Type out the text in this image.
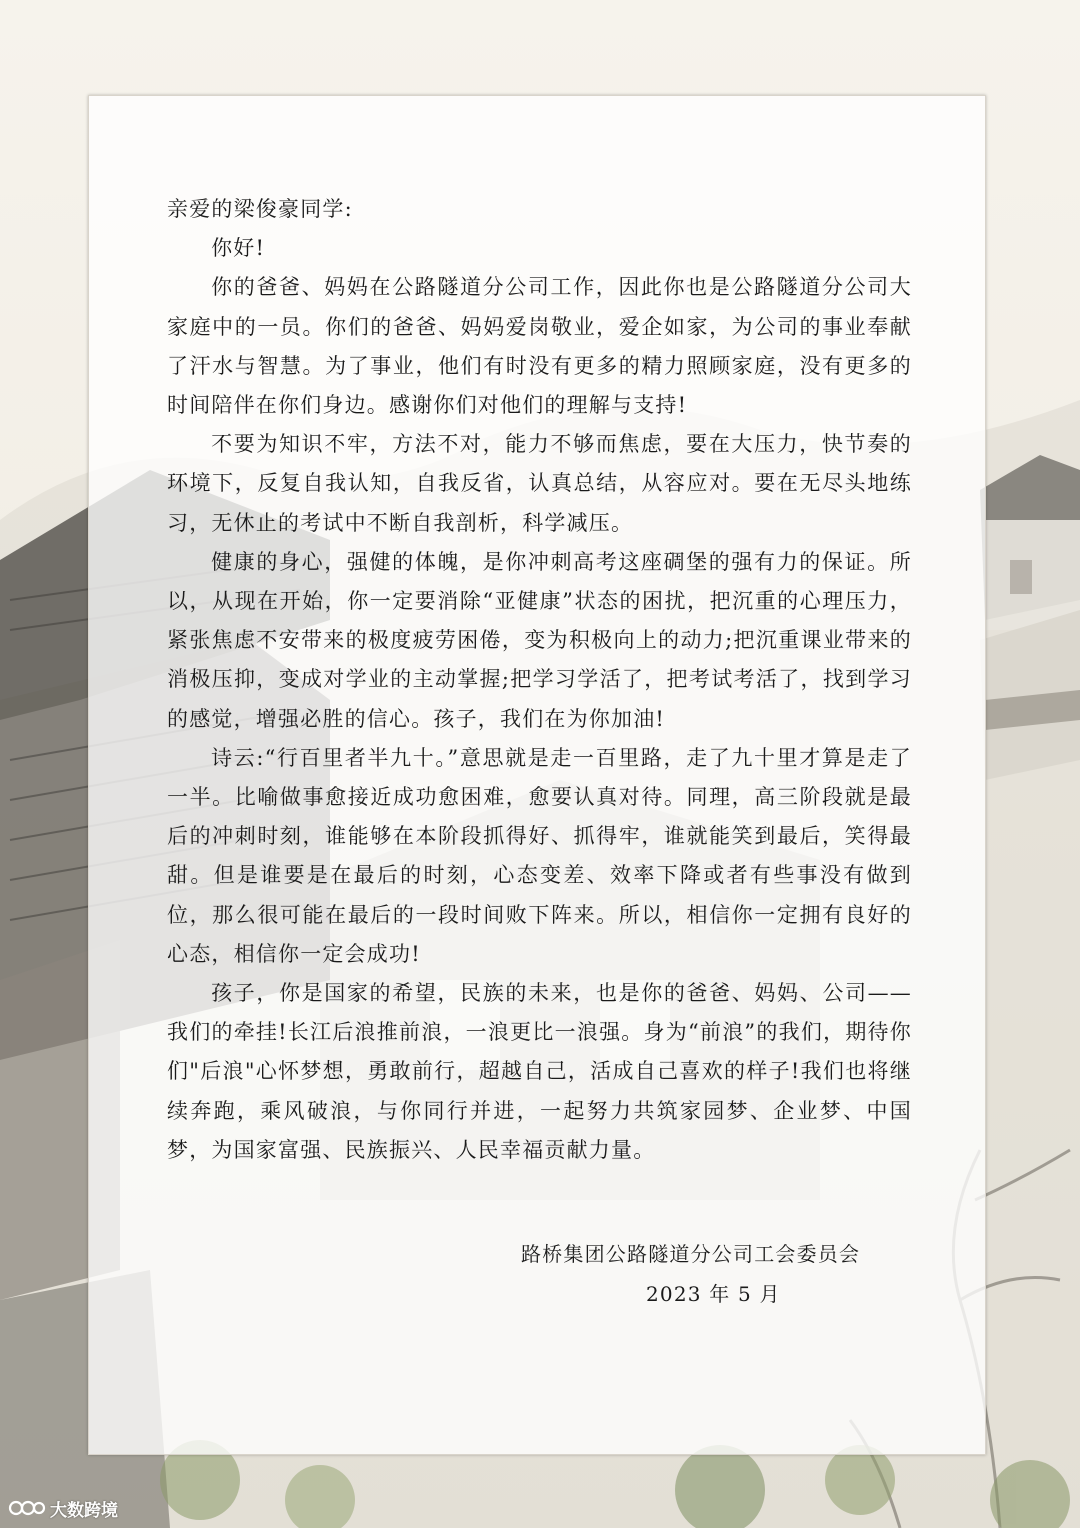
亲爱的梁俊豪同学:

你好!

你的爸爸、妈妈在公路隧道分公司工作，因此你也是公路隧道分公司大家庭中的一员。你们的爸爸、妈妈爱岗敬业，爱企如家，为公司的事业奉献了汗水与智慧。为了事业，他们有时没有更多的精力照顾家庭，没有更多的时间陪伴在你们身边。感谢你们对他们的理解与支持!

不要为知识不牢，方法不对，能力不够而焦虑，要在大压力，快节奏的环境下，反复自我认知，自我反省，认真总结，从容应对。要在无尽头地练习，无休止的考试中不断自我剖析，科学减压。

健康的身心，强健的体魄，是你冲刺高考这座碉堡的强有力的保证。所以，从现在开始，你一定要消除“亚健康”状态的困扰，把沉重的心理压力，紧张焦虑不安带来的极度疲劳困倦，变为积极向上的动力;把沉重课业带来的消极压抑，变成对学业的主动掌握;把学习学活了，把考试考活了，找到学习的感觉，增强必胜的信心。孩子，我们在为你加油!

诗云:“行百里者半九十。”意思就是走一百里路，走了九十里才算是走了一半。比喻做事愈接近成功愈困难，愈要认真对待。同理，高三阶段就是最后的冲刺时刻，谁能够在本阶段抓得好、抓得牢，谁就能笑到最后，笑得最甜。但是谁要是在最后的时刻，心态变差、效率下降或者有些事没有做到位，那么很可能在最后的一段时间败下阵来。所以，相信你一定拥有良好的心态，相信你一定会成功!

孩子，你是国家的希望，民族的未来，也是你的爸爸、妈妈、公司——我们的牵挂!长江后浪推前浪，一浪更比一浪强。身为“前浪”的我们，期待你们"后浪"心怀梦想，勇敢前行，超越自己，活成自己喜欢的样子!我们也将继续奔跑，乘风破浪，与你同行并进，一起努力共筑家园梦、企业梦、中国梦，为国家富强、民族振兴、人民幸福贡献力量。

路桥集团公路隧道分公司工会委员会
2023 年 5 月
大数跨境
